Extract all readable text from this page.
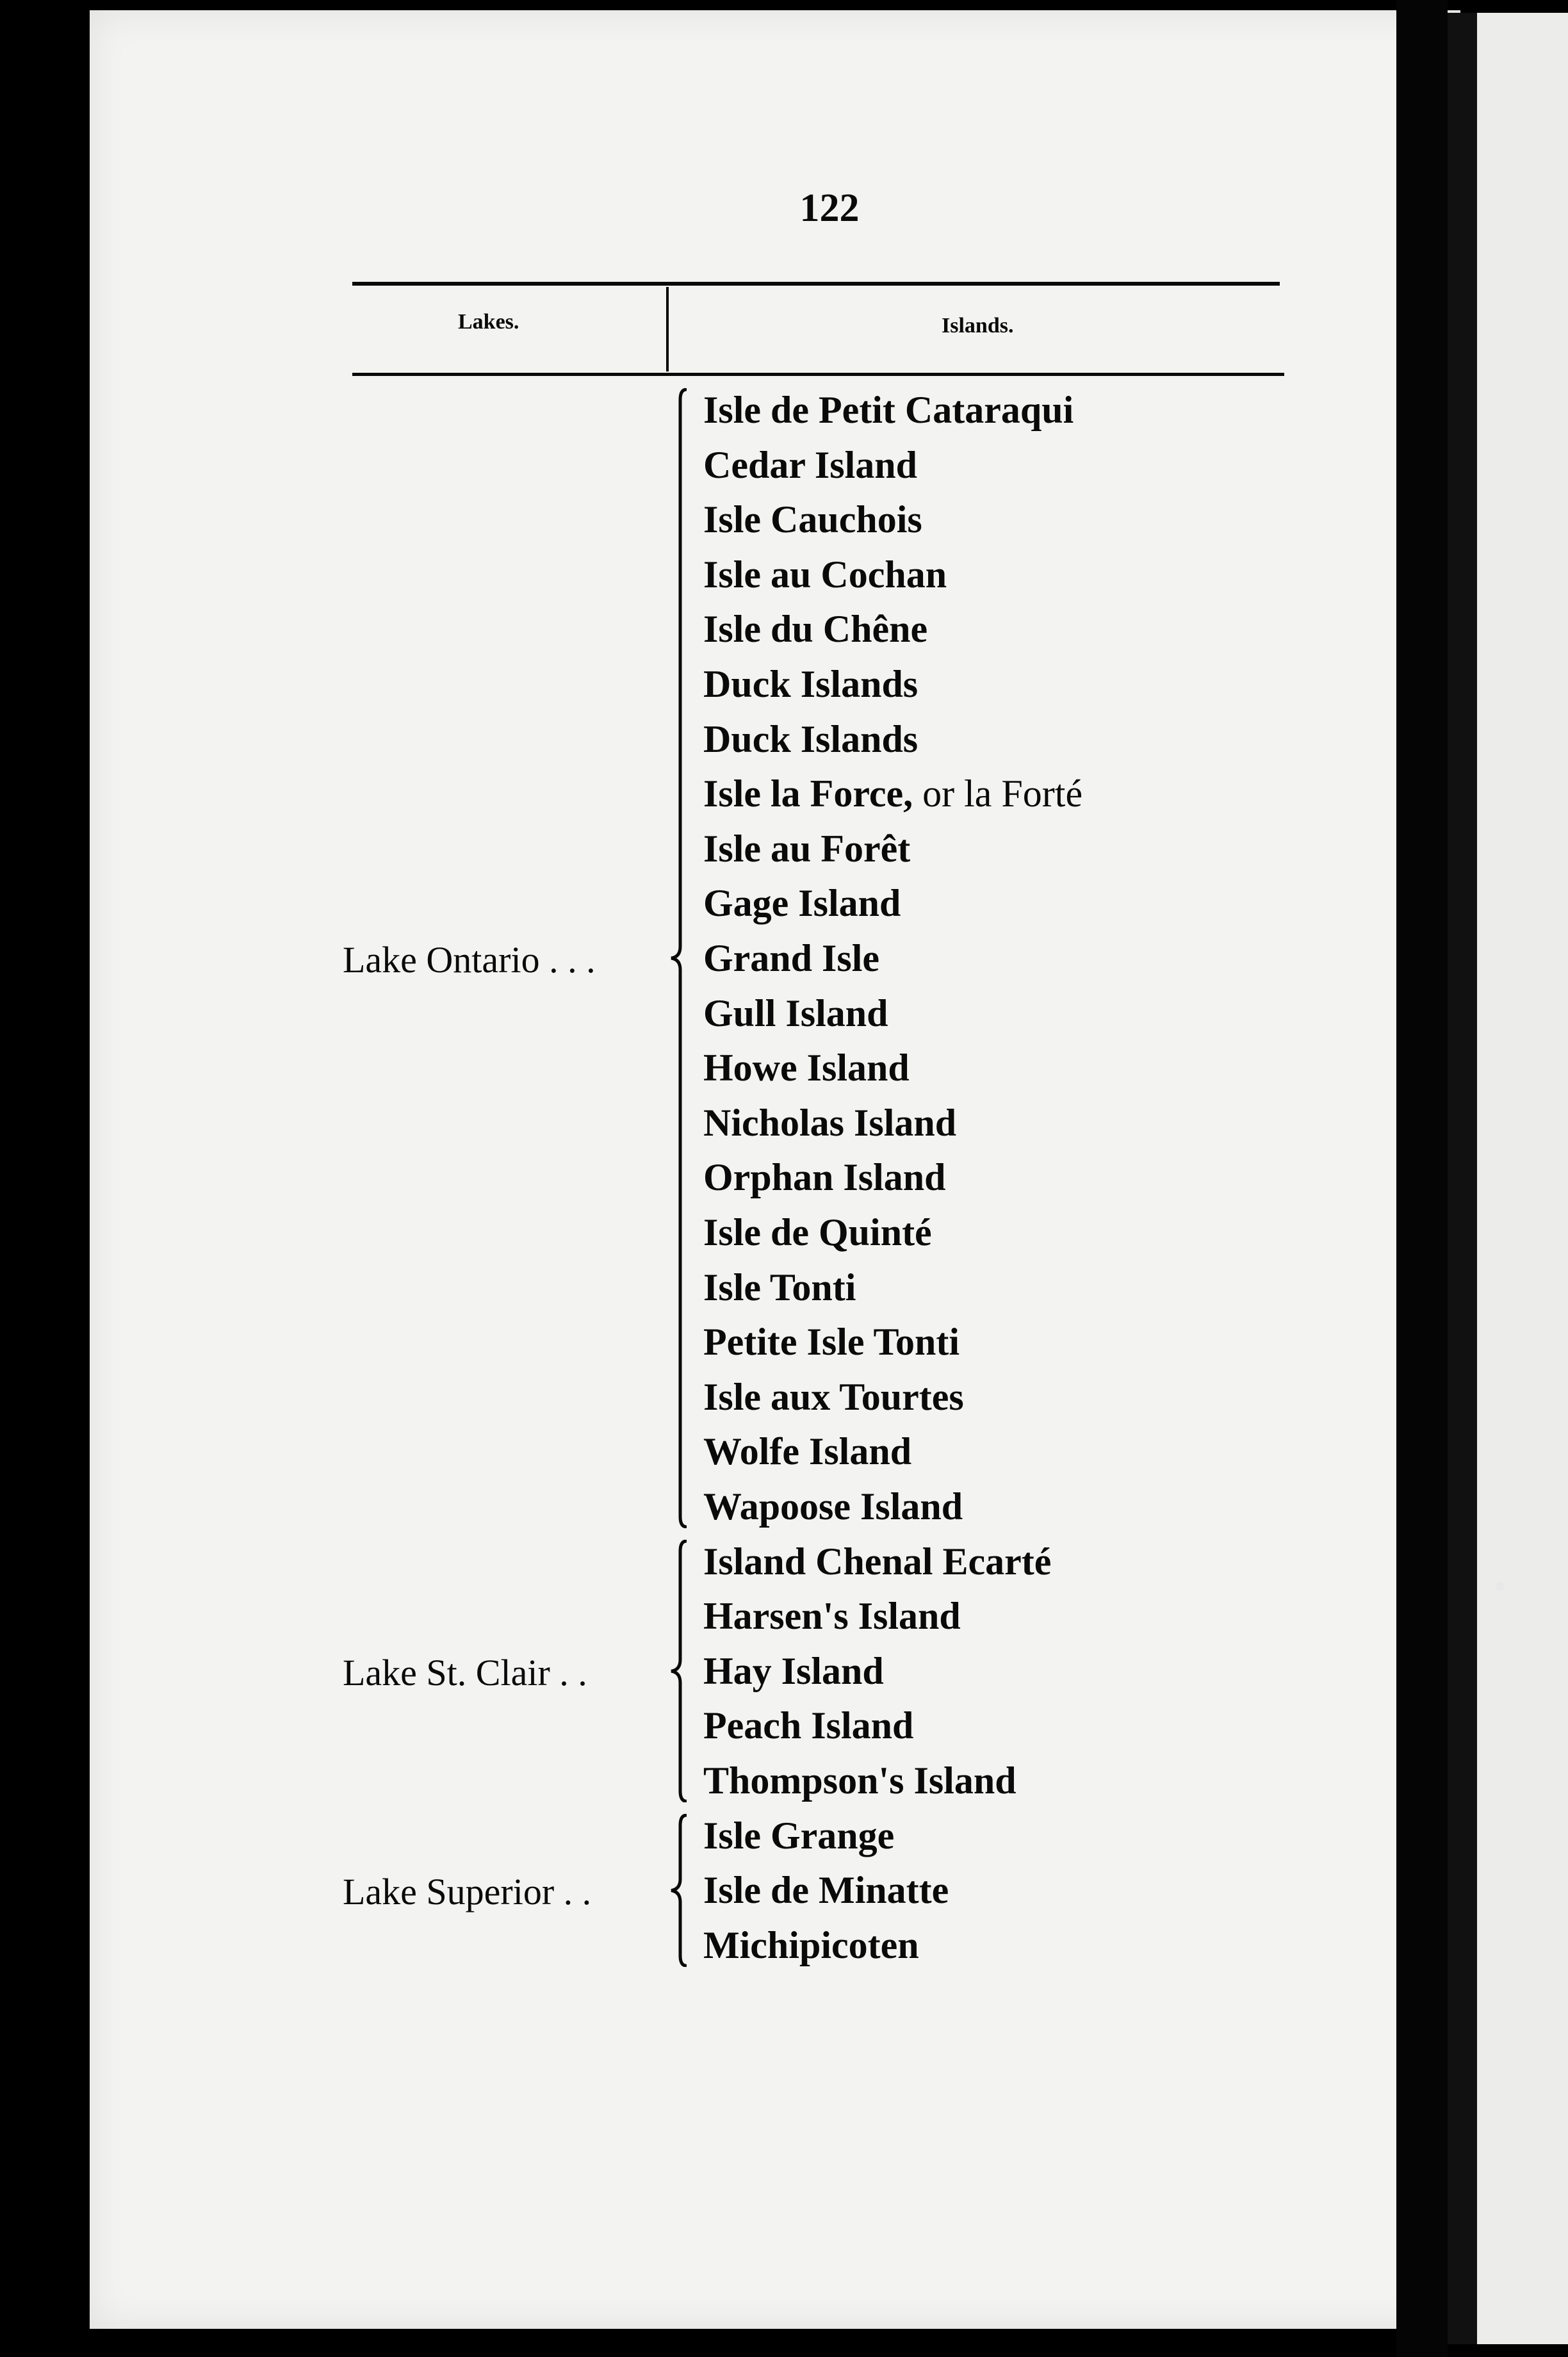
122
Lakes.	Islands.
Isle de Petit Cataraqui
Cedar Island
Isle Cauchois
Isle au Cochan
Isle du Chêne
Duck Islands
Duck Islands
Isle la Force, or la Forté
Isle au Forêt
Gage Island
Grand Isle
Gull Island
Howe Island
Nicholas Island
Orphan Island
Isle de Quinté
Isle Tonti
Petite Isle Tonti
Isle aux Tourtes
Wolfe Island
Wapoose Island
Lake Ontario . . .
Island Chenal Ecarté
Harsen's Island
Hay Island
Peach Island
Thompson's Island
Lake St. Clair . .
Isle Grange
Isle de Minatte
Michipicoten
Lake Superior . .
